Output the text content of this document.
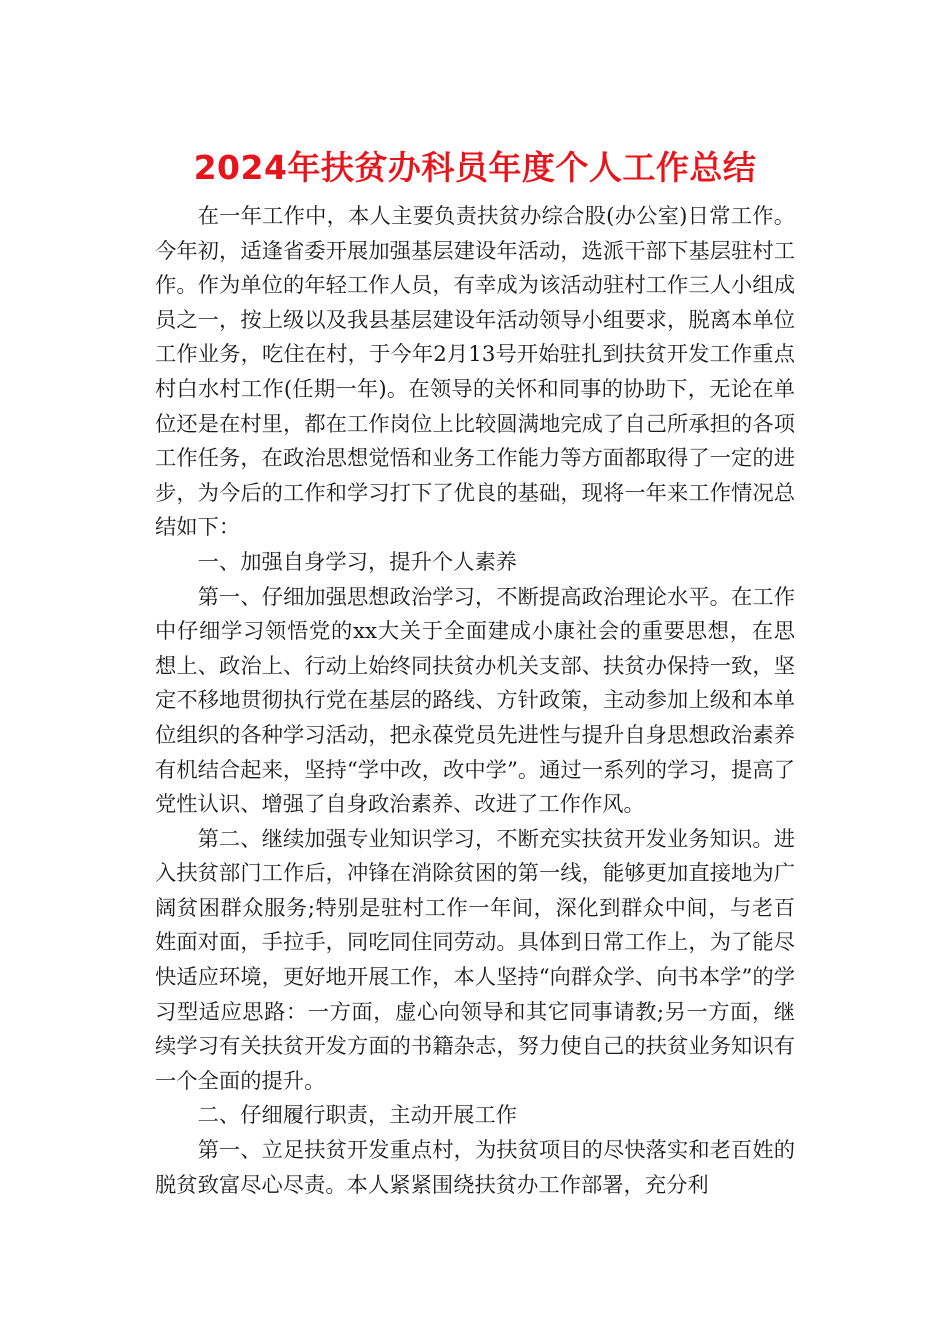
2024年扶贫办科员年度个人工作总结

在一年工作中，本人主要负责扶贫办综合股(办公室)日常工作。今年初，适逢省委开展加强基层建设年活动，选派干部下基层驻村工作。作为单位的年轻工作人员，有幸成为该活动驻村工作三人小组成员之一，按上级以及我县基层建设年活动领导小组要求，脱离本单位工作业务，吃住在村，于今年2月13号开始驻扎到扶贫开发工作重点村白水村工作(任期一年)。在领导的关怀和同事的协助下，无论在单位还是在村里，都在工作岗位上比较圆满地完成了自己所承担的各项工作任务，在政治思想觉悟和业务工作能力等方面都取得了一定的进步，为今后的工作和学习打下了优良的基础，现将一年来工作情况总结如下：

一、加强自身学习，提升个人素养

第一、仔细加强思想政治学习，不断提高政治理论水平。在工作中仔细学习领悟党的xx大关于全面建成小康社会的重要思想，在思想上、政治上、行动上始终同扶贫办机关支部、扶贫办保持一致，坚定不移地贯彻执行党在基层的路线、方针政策，主动参加上级和本单位组织的各种学习活动，把永葆党员先进性与提升自身思想政治素养有机结合起来，坚持“学中改，改中学”。通过一系列的学习，提高了党性认识、增强了自身政治素养、改进了工作作风。

第二、继续加强专业知识学习，不断充实扶贫开发业务知识。进入扶贫部门工作后，冲锋在消除贫困的第一线，能够更加直接地为广阔贫困群众服务;特别是驻村工作一年间，深化到群众中间，与老百姓面对面，手拉手，同吃同住同劳动。具体到日常工作上，为了能尽快适应环境，更好地开展工作，本人坚持“向群众学、向书本学”的学习型适应思路：一方面，虚心向领导和其它同事请教;另一方面，继续学习有关扶贫开发方面的书籍杂志，努力使自己的扶贫业务知识有一个全面的提升。

二、仔细履行职责，主动开展工作

第一、立足扶贫开发重点村，为扶贫项目的尽快落实和老百姓的脱贫致富尽心尽责。本人紧紧围绕扶贫办工作部署，充分利
